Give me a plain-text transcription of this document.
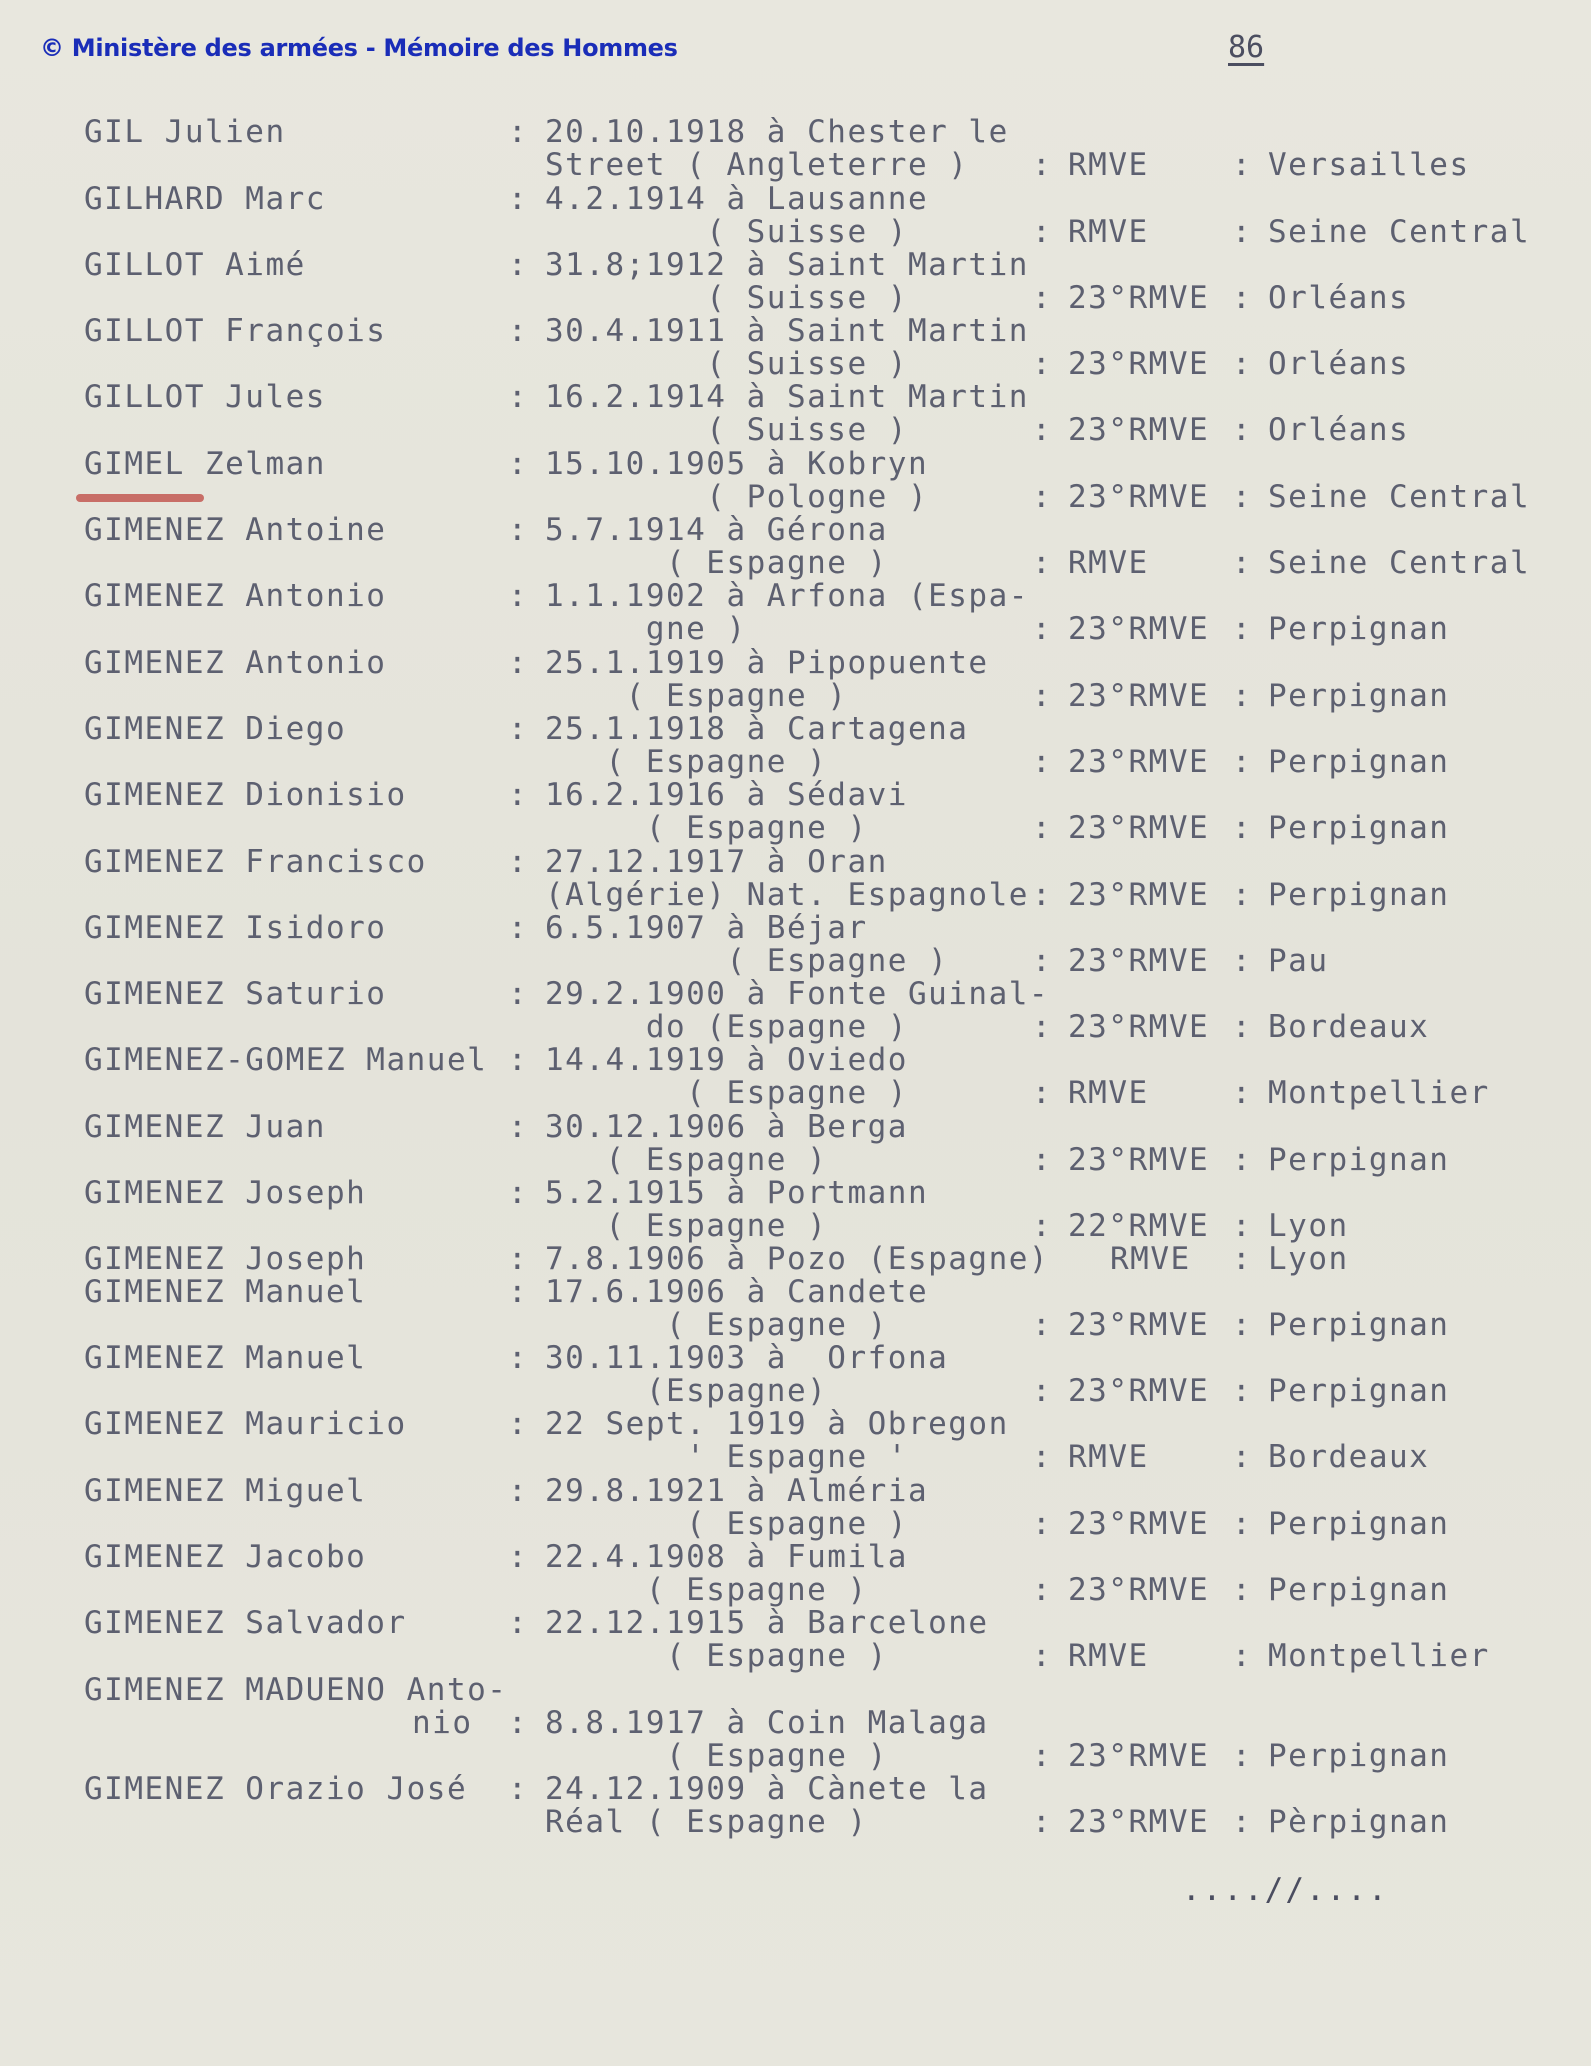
© Ministère des armées - Mémoire des Hommes	86
GIL Julien	: 20.10.1918 à Chester le
Street ( Angleterre ) : RMVE	: Versailles
GILHARD Marc	: 4.2.1914 à Lausanne
( Suisse )	: RMVE	: Seine Central
GILLOT Aimé	: 31.8;1912 à Saint Martin
( Suisse )	: 23°RMVE : Orléans
GILLOT François	: 30.4.1911 à Saint Martin
( Suisse )	: 23°RMVE : Orléans
GILLOT Jules	: 16.2.1914 à Saint Martin
( Suisse )	: 23°RMVE : Orléans
GIMEL Zelman	: 15.10.1905 à Kobryn
( Pologne )	: 23°RMVE : Seine Central
GIMENEZ Antoine	: 5.7.1914 à Gérona
( Espagne )	: RMVE	: Seine Central
GIMENEZ Antonio	: 1.1.1902 à Arfona (Espa-
gne )	: 23°RMVE : Perpignan
GIMENEZ Antonio	: 25.1.1919 à Pipopuente
( Espagne )	: 23°RMVE : Perpignan
GIMENEZ Diego	: 25.1.1918 à Cartagena
( Espagne )	: 23°RMVE : Perpignan
GIMENEZ Dionisio	: 16.2.1916 à Sédavi
( Espagne )	: 23°RMVE : Perpignan
GIMENEZ Francisco	: 27.12.1917 à Oran
(Algérie) Nat. Espagnole : 23°RMVE : Perpignan
GIMENEZ Isidoro	: 6.5.1907 à Béjar
( Espagne )	: 23°RMVE : Pau
GIMENEZ Saturio	: 29.2.1900 à Fonte Guinal-
do (Espagne )	: 23°RMVE : Bordeaux
GIMENEZ-GOMEZ Manuel : 14.4.1919 à Oviedo
( Espagne )	: RMVE	: Montpellier
GIMENEZ Juan	: 30.12.1906 à Berga
( Espagne )	: 23°RMVE : Perpignan
GIMENEZ Joseph	: 5.2.1915 à Portmann
( Espagne )	: 22°RMVE : Lyon
GIMENEZ Joseph	: 7.8.1906 à Pozo (Espagne) RMVE : Lyon
GIMENEZ Manuel	: 17.6.1906 à Candete
( Espagne )	: 23°RMVE : Perpignan
GIMENEZ Manuel	: 30.11.1903 à  Orfona
(Espagne)	: 23°RMVE : Perpignan
GIMENEZ Mauricio	: 22 Sept. 1919 à Obregon
' Espagne '	: RMVE	: Bordeaux
GIMENEZ Miguel	: 29.8.1921 à Alméria
( Espagne )	: 23°RMVE : Perpignan
GIMENEZ Jacobo	: 22.4.1908 à Fumila
( Espagne )	: 23°RMVE : Perpignan
GIMENEZ Salvador	: 22.12.1915 à Barcelone
( Espagne )	: RMVE	: Montpellier
GIMENEZ MADUENO Anto-
nio : 8.8.1917 à Coin Malaga
( Espagne )	: 23°RMVE : Perpignan
GIMENEZ Orazio José : 24.12.1909 à Cànete la
Réal ( Espagne )	: 23°RMVE : Pèrpignan
....//....
